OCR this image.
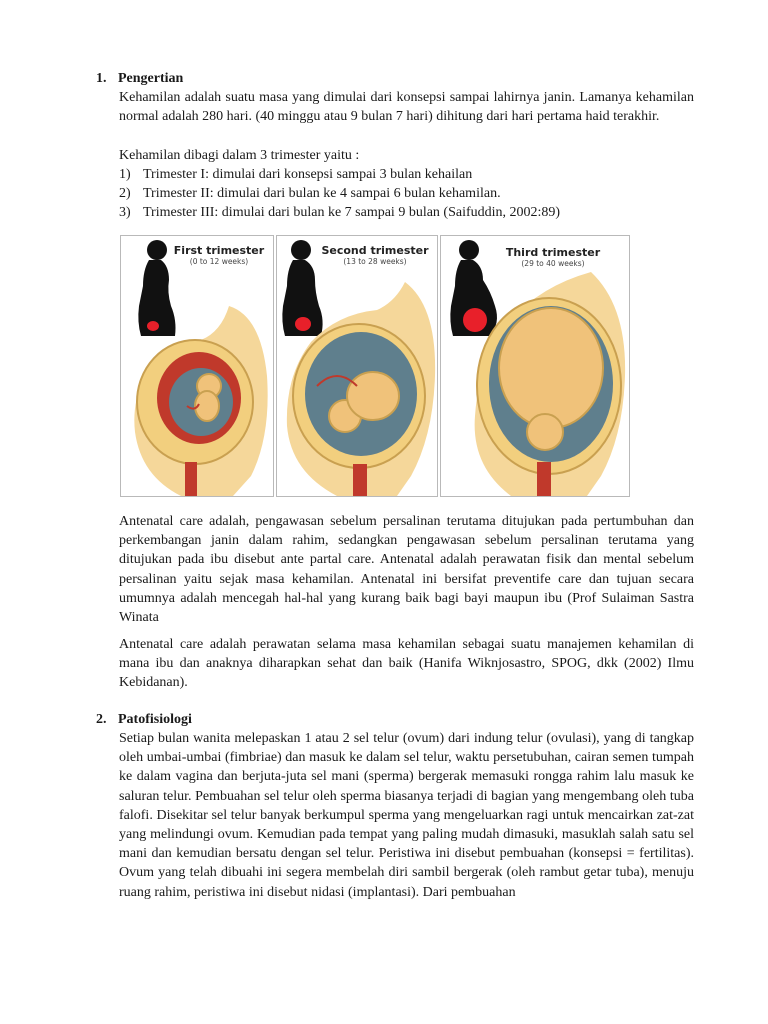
1. Pengertian
Kehamilan adalah suatu masa yang dimulai dari konsepsi sampai lahirnya janin. Lamanya kehamilan normal adalah 280 hari. (40 minggu atau 9 bulan 7 hari) dihitung dari hari pertama haid terakhir.
Kehamilan dibagi dalam 3 trimester yaitu :
1) Trimester I: dimulai dari konsepsi sampai 3 bulan kehailan
2) Trimester II: dimulai dari bulan ke 4 sampai 6 bulan kehamilan.
3) Trimester III: dimulai dari bulan ke 7 sampai 9 bulan (Saifuddin, 2002:89)
First trimester
(0 to 12 weeks)
Second trimester
(13 to 28 weeks)
Third trimester
(29 to 40 weeks)
Antenatal care adalah, pengawasan sebelum persalinan terutama ditujukan pada pertumbuhan dan perkembangan janin dalam rahim, sedangkan pengawasan sebelum persalinan terutama yang ditujukan pada ibu disebut ante partal care. Antenatal adalah perawatan fisik dan mental sebelum persalinan yaitu sejak masa kehamilan. Antenatal ini bersifat preventife care dan tujuan secara umumnya adalah mencegah hal-hal yang kurang baik bagi bayi maupun ibu (Prof Sulaiman Sastra Winata
Antenatal care adalah perawatan selama masa kehamilan sebagai suatu manajemen kehamilan di mana ibu dan anaknya diharapkan sehat dan baik (Hanifa Wiknjosastro, SPOG, dkk (2002) Ilmu Kebidanan).
2. Patofisiologi
Setiap bulan wanita melepaskan 1 atau 2 sel telur (ovum) dari indung telur (ovulasi), yang di tangkap oleh umbai-umbai (fimbriae) dan masuk ke dalam sel telur, waktu persetubuhan, cairan semen tumpah ke dalam vagina dan berjuta-juta sel mani (sperma) bergerak memasuki rongga rahim lalu masuk ke saluran telur. Pembuahan sel telur oleh sperma biasanya terjadi di bagian yang mengembang oleh tuba falofi. Disekitar sel telur banyak berkumpul sperma yang mengeluarkan ragi untuk mencairkan zat-zat yang melindungi ovum. Kemudian pada tempat yang paling mudah dimasuki, masuklah salah satu sel mani dan kemudian bersatu dengan sel telur. Peristiwa ini disebut pembuahan (konsepsi = fertilitas). Ovum yang telah dibuahi ini segera membelah diri sambil bergerak (oleh rambut getar tuba), menuju ruang rahim, peristiwa ini disebut nidasi (implantasi). Dari pembuahan
